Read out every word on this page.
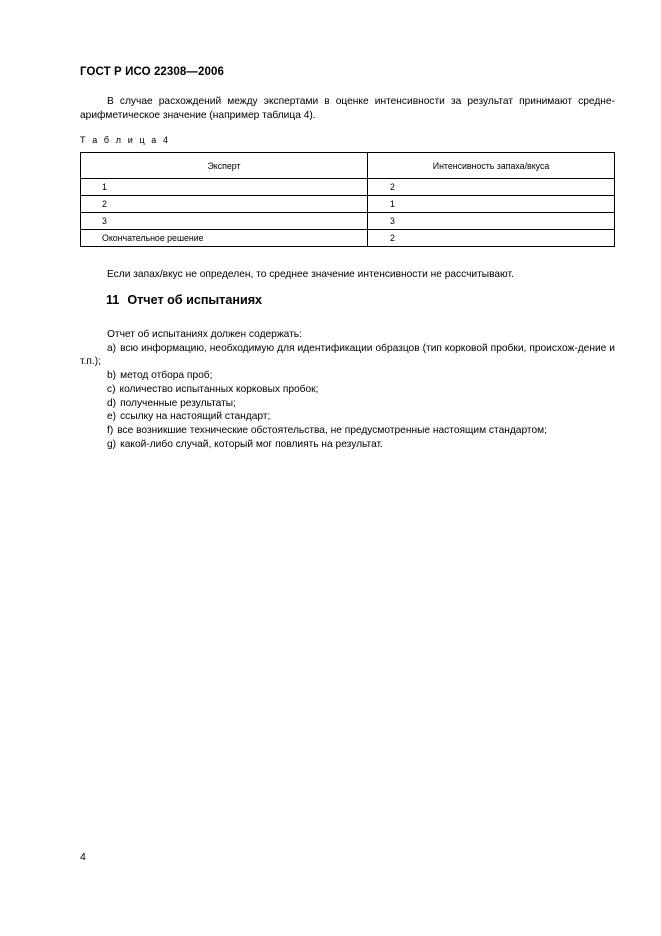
ГОСТ Р ИСО 22308—2006
В случае расхождений между экспертами в оценке интенсивности за результат принимают средне-арифметическое значение (например таблица 4).
Т а б л и ц а 4
Эксперт	Интенсивность запаха/вкуса
1	2
2	1
3	3
Окончательное решение	2
Если запах/вкус не определен, то среднее значение интенсивности не рассчитывают.
11 Отчет об испытаниях
Отчет об испытаниях должен содержать:
a) всю информацию, необходимую для идентификации образцов (тип корковой пробки, происхож-дение и т.п.);
b) метод отбора проб;
c) количество испытанных корковых пробок;
d) полученные результаты;
e) ссылку на настоящий стандарт;
f) все возникшие технические обстоятельства, не предусмотренные настоящим стандартом;
g) какой-либо случай, который мог повлиять на результат.
4
